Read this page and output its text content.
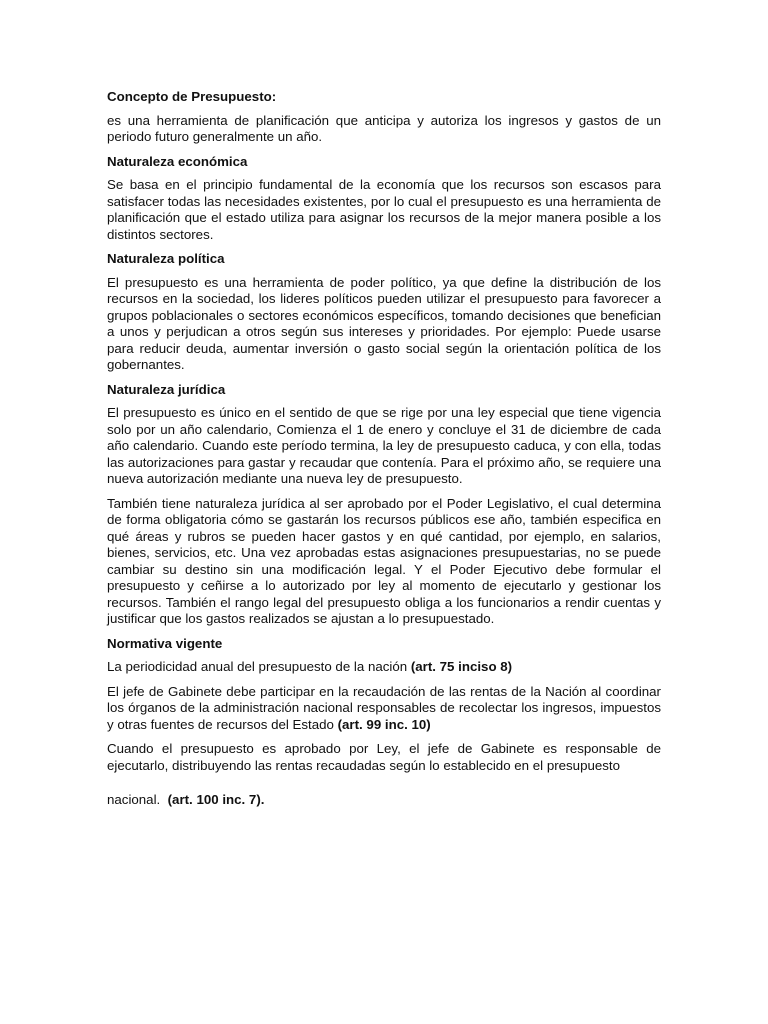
Concepto de Presupuesto:
es una herramienta de planificación que anticipa y autoriza los ingresos y gastos de un periodo futuro generalmente un año.
Naturaleza económica
Se basa en el principio fundamental de la economía que los recursos son escasos para satisfacer todas las necesidades existentes, por lo cual el presupuesto es una herramienta de planificación que el estado utiliza para asignar los recursos de la mejor manera posible a los distintos sectores.
Naturaleza política
El presupuesto es una herramienta de poder político, ya que define la distribución de los recursos en la sociedad, los lideres políticos pueden utilizar el presupuesto para favorecer a grupos poblacionales o sectores económicos específicos, tomando decisiones que benefician a unos y perjudican a otros según sus intereses y prioridades. Por ejemplo: Puede usarse para reducir deuda, aumentar inversión o gasto social según la orientación política de los gobernantes.
Naturaleza jurídica
El presupuesto es único en el sentido de que se rige por una ley especial que tiene vigencia solo por un año calendario, Comienza el 1 de enero y concluye el 31 de diciembre de cada año calendario. Cuando este período termina, la ley de presupuesto caduca, y con ella, todas las autorizaciones para gastar y recaudar que contenía. Para el próximo año, se requiere una nueva autorización mediante una nueva ley de presupuesto.
También tiene naturaleza jurídica al ser aprobado por el Poder Legislativo, el cual determina de forma obligatoria cómo se gastarán los recursos públicos ese año, también especifica en qué áreas y rubros se pueden hacer gastos y en qué cantidad, por ejemplo, en salarios, bienes, servicios, etc. Una vez aprobadas estas asignaciones presupuestarias, no se puede cambiar su destino sin una modificación legal. Y el Poder Ejecutivo debe formular el presupuesto y ceñirse a lo autorizado por ley al momento de ejecutarlo y gestionar los recursos. También el rango legal del presupuesto obliga a los funcionarios a rendir cuentas y justificar que los gastos realizados se ajustan a lo presupuestado.
Normativa vigente
La periodicidad anual del presupuesto de la nación (art. 75 inciso 8)
El jefe de Gabinete debe participar en la recaudación de las rentas de la Nación al coordinar los órganos de la administración nacional responsables de recolectar los ingresos, impuestos y otras fuentes de recursos del Estado (art. 99 inc. 10)
Cuando el presupuesto es aprobado por Ley, el jefe de Gabinete es responsable de ejecutarlo, distribuyendo las rentas recaudadas según lo establecido en el presupuesto
nacional.  (art. 100 inc. 7).
